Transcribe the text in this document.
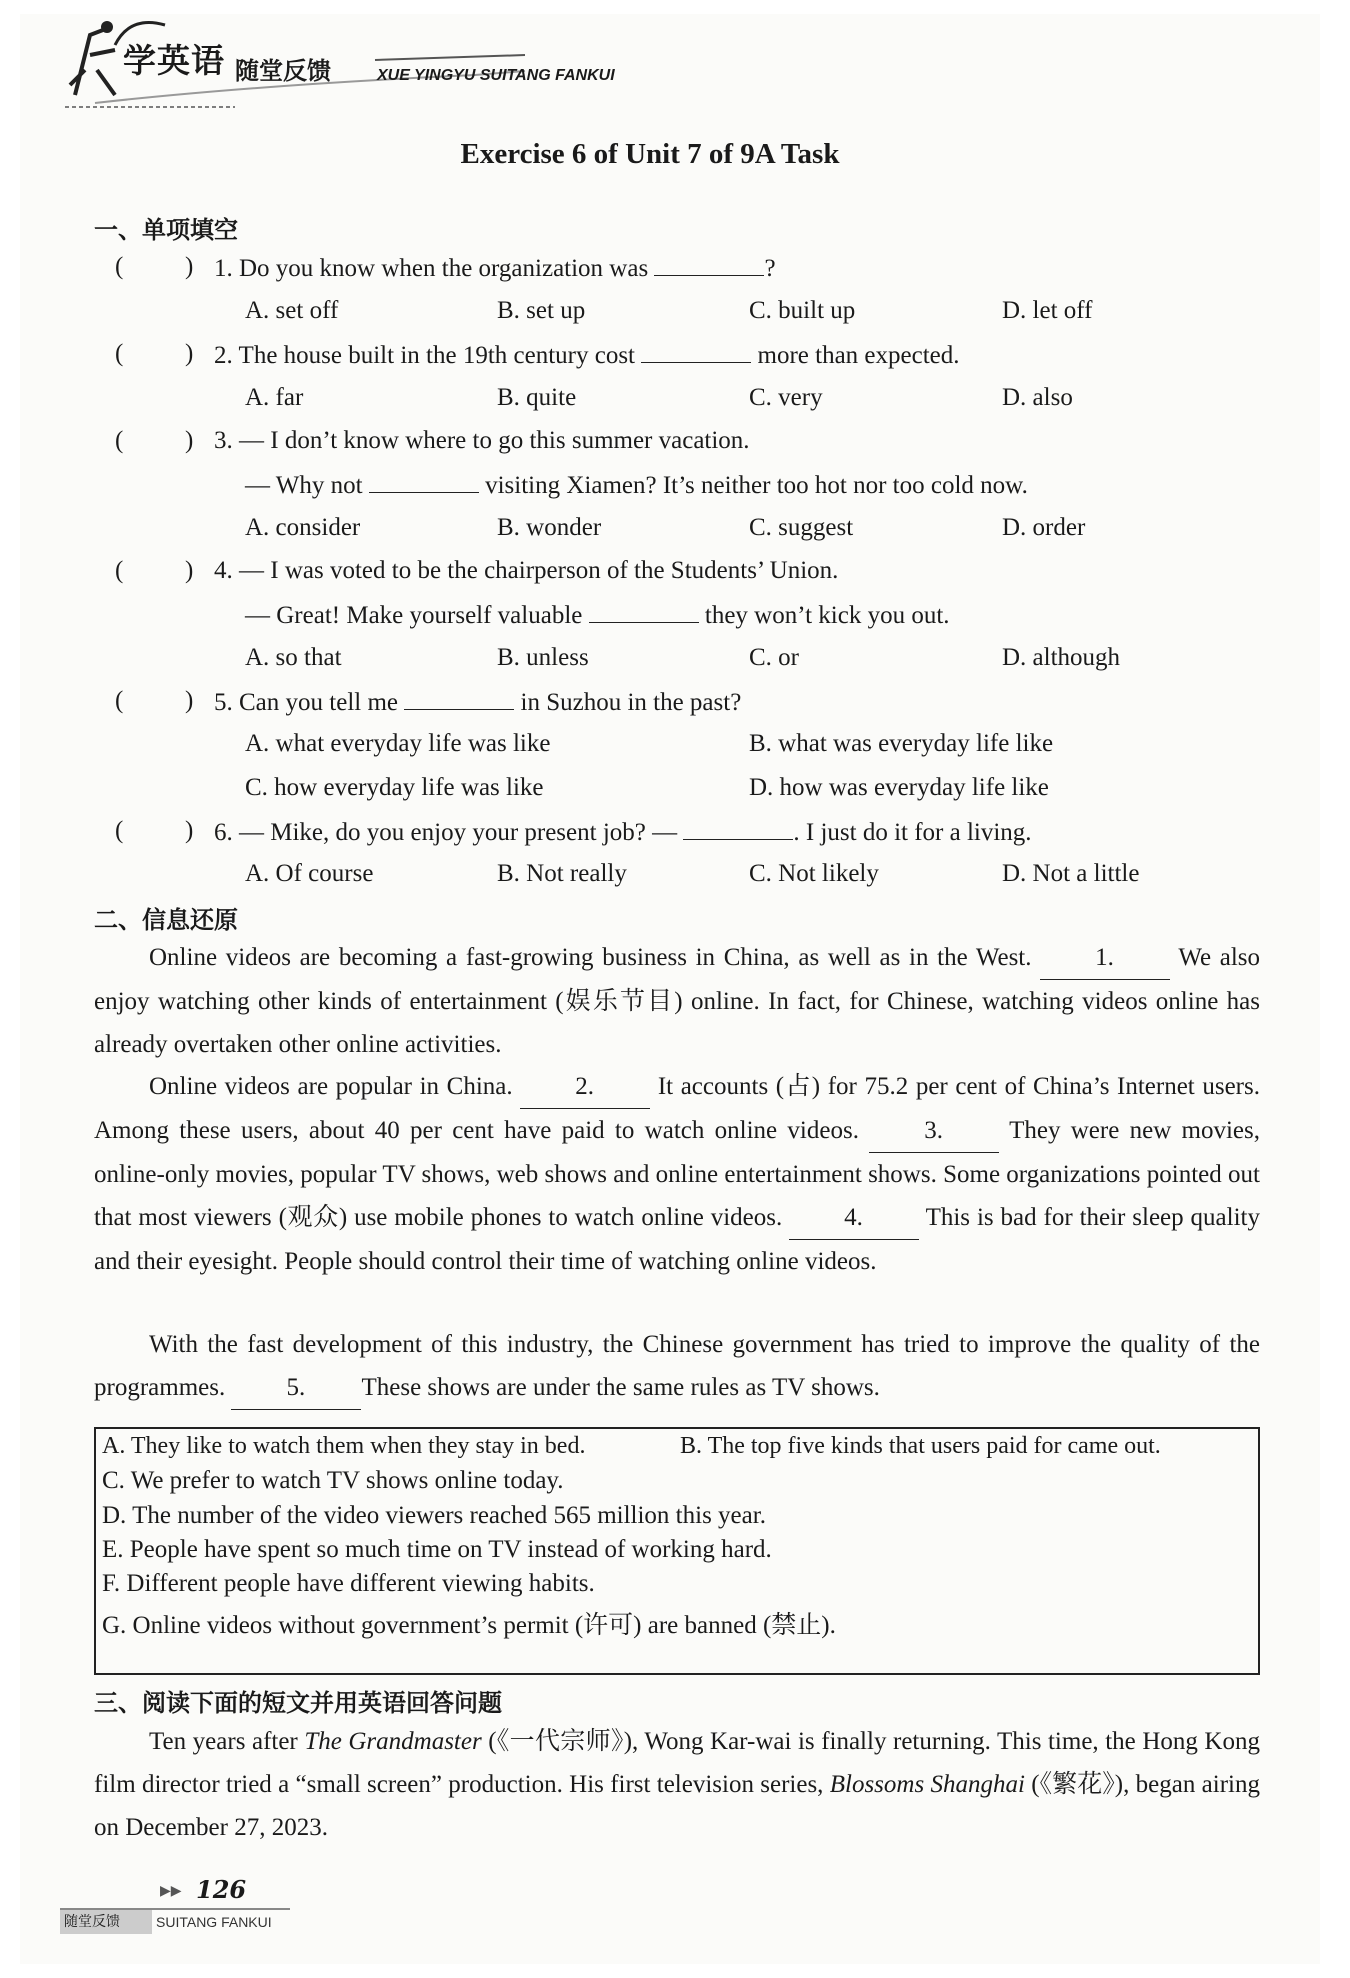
学英语 随堂反馈	XUE YINGYU SUITANG FANKUI
Exercise 6 of Unit 7 of 9A Task
一、单项填空
( ) 1. Do you know when the organization was	?
A. set off	B. set up	C. built up	D. let off
( ) 2. The house built in the 19th century cost	more than expected.
A. far	B. quite	C. very	D. also
( ) 3. — I don’t know where to go this summer vacation.
— Why not	visiting Xiamen? It’s neither too hot nor too cold now.
A. consider	B. wonder	C. suggest	D. order
( ) 4. — I was voted to be the chairperson of the Students’ Union.
— Great! Make yourself valuable	they won’t kick you out.
A. so that	B. unless	C. or	D. although
( ) 5. Can you tell me	in Suzhou in the past?
A. what everyday life was like	B. what was everyday life like
C. how everyday life was like	D. how was everyday life like
( ) 6. — Mike, do you enjoy your present job? —	. I just do it for a living.
A. Of course	B. Not really	C. Not likely	D. Not a little
二、信息还原
Online videos are becoming a fast-growing business in China, as well as in the West.	1. We also enjoy watching other kinds of entertainment (娱乐节目) online. In fact, for Chinese, watching videos online has already overtaken other online activities.
Online videos are popular in China.	2. It accounts (占) for 75.2 per cent of China’s Internet users. Among these users, about 40 per cent have paid to watch online videos.	3. They were new movies, online-only movies, popular TV shows, web shows and online entertainment shows. Some organizations pointed out that most viewers (观众) use mobile phones to watch online videos. 4. This is bad for their sleep quality and their eyesight. People should control their time of watching online videos.
With the fast development of this industry, the Chinese government has tried to improve the quality of the programmes. 5. These shows are under the same rules as TV shows.
A. They like to watch them when they stay in bed.	B. The top five kinds that users paid for came out.
C. We prefer to watch TV shows online today.
D. The number of the video viewers reached 565 million this year.
E. People have spent so much time on TV instead of working hard.
F. Different people have different viewing habits.
G. Online videos without government’s permit (许可) are banned (禁止).
三、阅读下面的短文并用英语回答问题
Ten years after The Grandmaster (《一代宗师》), Wong Kar-wai is finally returning. This time, the Hong Kong film director tried a “small screen” production. His first television series, Blossoms Shanghai (《繁花》), began airing on December 27, 2023.
▶▶ 126
随堂反馈	SUITANG FANKUI
